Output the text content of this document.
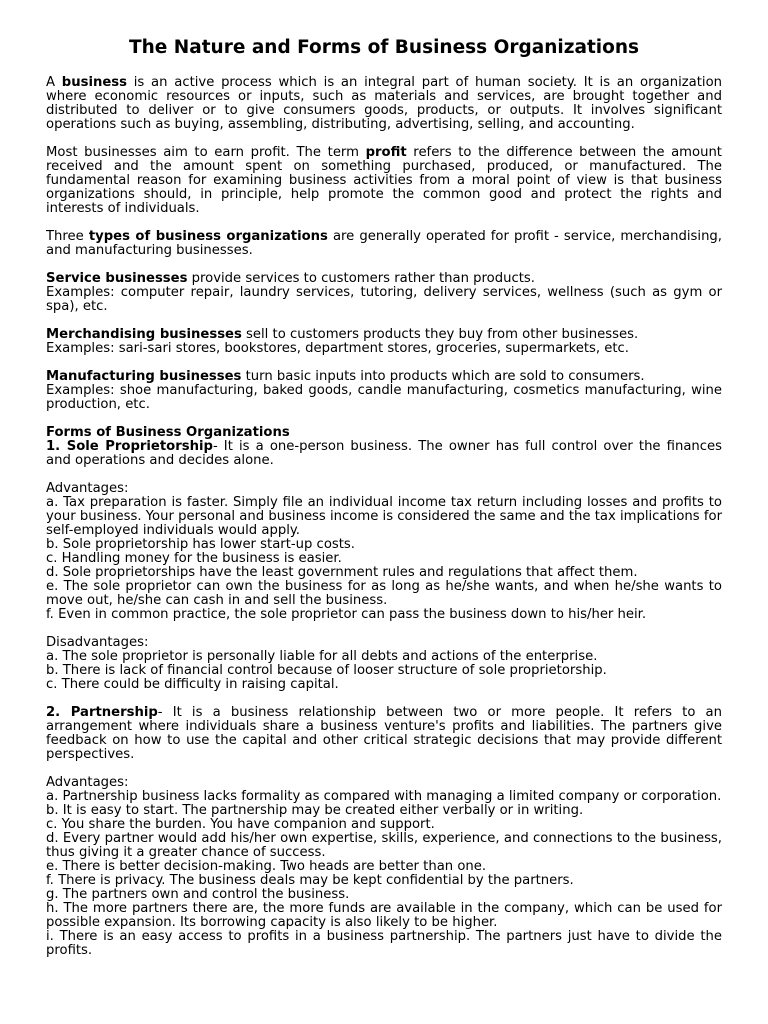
The Nature and Forms of Business Organizations

A business is an active process which is an integral part of human society. It is an organization where economic resources or inputs, such as materials and services, are brought together and distributed to deliver or to give consumers goods, products, or outputs. It involves significant operations such as buying, assembling, distributing, advertising, selling, and accounting.

Most businesses aim to earn profit. The term profit refers to the difference between the amount received and the amount spent on something purchased, produced, or manufactured. The fundamental reason for examining business activities from a moral point of view is that business organizations should, in principle, help promote the common good and protect the rights and interests of individuals.

Three types of business organizations are generally operated for profit - service, merchandising, and manufacturing businesses.

Service businesses provide services to customers rather than products.
Examples: computer repair, laundry services, tutoring, delivery services, wellness (such as gym or spa), etc.

Merchandising businesses sell to customers products they buy from other businesses.
Examples: sari-sari stores, bookstores, department stores, groceries, supermarkets, etc.

Manufacturing businesses turn basic inputs into products which are sold to consumers.
Examples: shoe manufacturing, baked goods, candle manufacturing, cosmetics manufacturing, wine production, etc.

Forms of Business Organizations
1. Sole Proprietorship- It is a one-person business. The owner has full control over the finances and operations and decides alone.

Advantages:
a. Tax preparation is faster. Simply file an individual income tax return including losses and profits to your business. Your personal and business income is considered the same and the tax implications for self-employed individuals would apply.
b. Sole proprietorship has lower start-up costs.
c. Handling money for the business is easier.
d. Sole proprietorships have the least government rules and regulations that affect them.
e. The sole proprietor can own the business for as long as he/she wants, and when he/she wants to move out, he/she can cash in and sell the business.
f. Even in common practice, the sole proprietor can pass the business down to his/her heir.

Disadvantages:
a. The sole proprietor is personally liable for all debts and actions of the enterprise.
b. There is lack of financial control because of looser structure of sole proprietorship.
c. There could be difficulty in raising capital.

2. Partnership- It is a business relationship between two or more people. It refers to an arrangement where individuals share a business venture's profits and liabilities. The partners give feedback on how to use the capital and other critical strategic decisions that may provide different perspectives.

Advantages:
a. Partnership business lacks formality as compared with managing a limited company or corporation.
b. It is easy to start. The partnership may be created either verbally or in writing.
c. You share the burden. You have companion and support.
d. Every partner would add his/her own expertise, skills, experience, and connections to the business, thus giving it a greater chance of success.
e. There is better decision-making. Two heads are better than one.
f. There is privacy. The business deals may be kept confidential by the partners.
g. The partners own and control the business.
h. The more partners there are, the more funds are available in the company, which can be used for possible expansion. Its borrowing capacity is also likely to be higher.
i. There is an easy access to profits in a business partnership. The partners just have to divide the profits.
